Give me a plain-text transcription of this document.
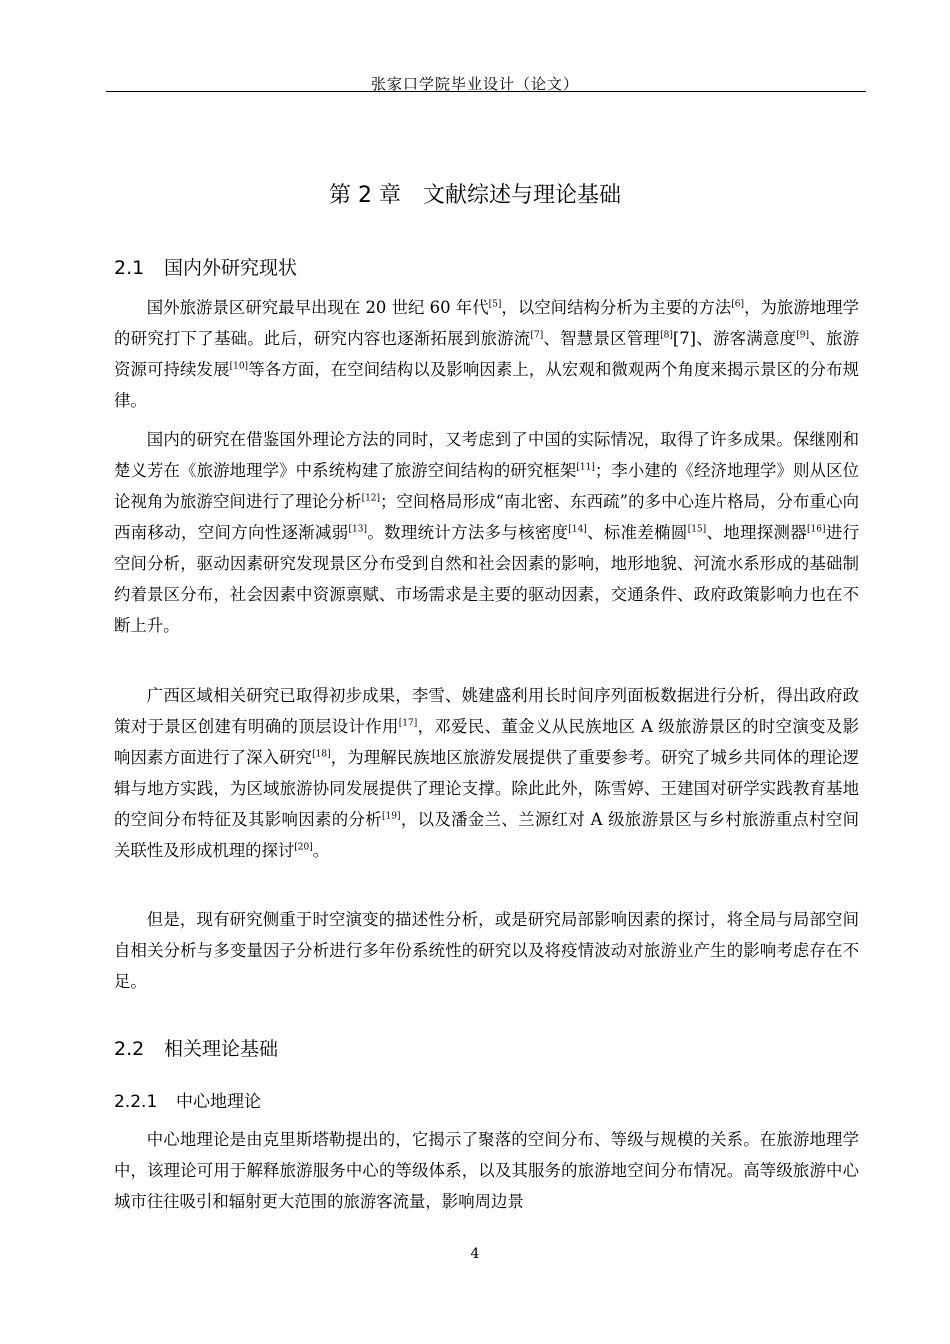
张家口学院毕业设计（论文）
第 2 章　文献综述与理论基础
2.1 国内外研究现状

国外旅游景区研究最早出现在 20 世纪 60 年代[5]，以空间结构分析为主要的方法[6]，为旅游地理学的研究打下了基础。此后，研究内容也逐渐拓展到旅游流[7]、智慧景区管理[8][7]、游客满意度[9]、旅游资源可持续发展[10]等各方面，在空间结构以及影响因素上，从宏观和微观两个角度来揭示景区的分布规律。

国内的研究在借鉴国外理论方法的同时，又考虑到了中国的实际情况，取得了许多成果。保继刚和楚义芳在《旅游地理学》中系统构建了旅游空间结构的研究框架[11]；李小建的《经济地理学》则从区位论视角为旅游空间进行了理论分析[12]；空间格局形成“南北密、东西疏”的多中心连片格局，分布重心向西南移动，空间方向性逐渐减弱[13]。数理统计方法多与核密度[14]、标准差椭圆[15]、地理探测器[16]进行空间分析，驱动因素研究发现景区分布受到自然和社会因素的影响，地形地貌、河流水系形成的基础制约着景区分布，社会因素中资源禀赋、市场需求是主要的驱动因素，交通条件、政府政策影响力也在不断上升。

广西区域相关研究已取得初步成果，李雪、姚建盛利用长时间序列面板数据进行分析，得出政府政策对于景区创建有明确的顶层设计作用[17]，邓爱民、董金义从民族地区 A 级旅游景区的时空演变及影响因素方面进行了深入研究[18]，为理解民族地区旅游发展提供了重要参考。研究了城乡共同体的理论逻辑与地方实践，为区域旅游协同发展提供了理论支撑。除此此外，陈雪婷、王建国对研学实践教育基地的空间分布特征及其影响因素的分析[19]，以及潘金兰、兰源红对 A 级旅游景区与乡村旅游重点村空间关联性及形成机理的探讨[20]。

但是，现有研究侧重于时空演变的描述性分析，或是研究局部影响因素的探讨，将全局与局部空间自相关分析与多变量因子分析进行多年份系统性的研究以及将疫情波动对旅游业产生的影响考虑存在不足。

2.2 相关理论基础
2.2.1 中心地理论

中心地理论是由克里斯塔勒提出的，它揭示了聚落的空间分布、等级与规模的关系。在旅游地理学中，该理论可用于解释旅游服务中心的等级体系，以及其服务的旅游地空间分布情况。高等级旅游中心城市往往吸引和辐射更大范围的旅游客流量，影响周边景

4
